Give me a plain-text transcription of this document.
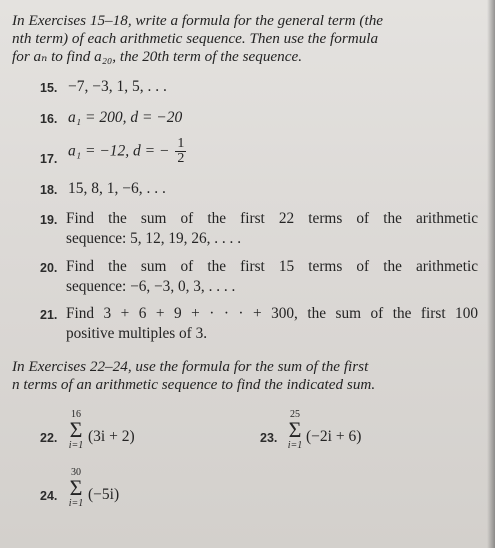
In Exercises 15–18, write a formula for the general term (the
nth term) of each arithmetic sequence. Then use the formula
for aₙ to find a₂₀, the 20th term of the sequence.
15. −7, −3, 1, 5, . . .
16. a₁ = 200, d = −20
17. a₁ = −12, d = − $\frac{1}{2}$
18. 15, 8, 1, −6, . . .
19. Find the sum of the first 22 terms of the arithmetic
sequence: 5, 12, 19, 26, . . . .
20. Find the sum of the first 15 terms of the arithmetic
sequence: −6, −3, 0, 3, . . . .
21. Find 3 + 6 + 9 + · · · + 300, the sum of the first 100
positive multiples of 3.
In Exercises 22–24, use the formula for the sum of the first
n terms of an arithmetic sequence to find the indicated sum.
22.
16
Σ
i=1
(3i + 2)	23.
25
Σ
i=1
(−2i + 6)
24.
30
Σ
i=1
(−5i)
